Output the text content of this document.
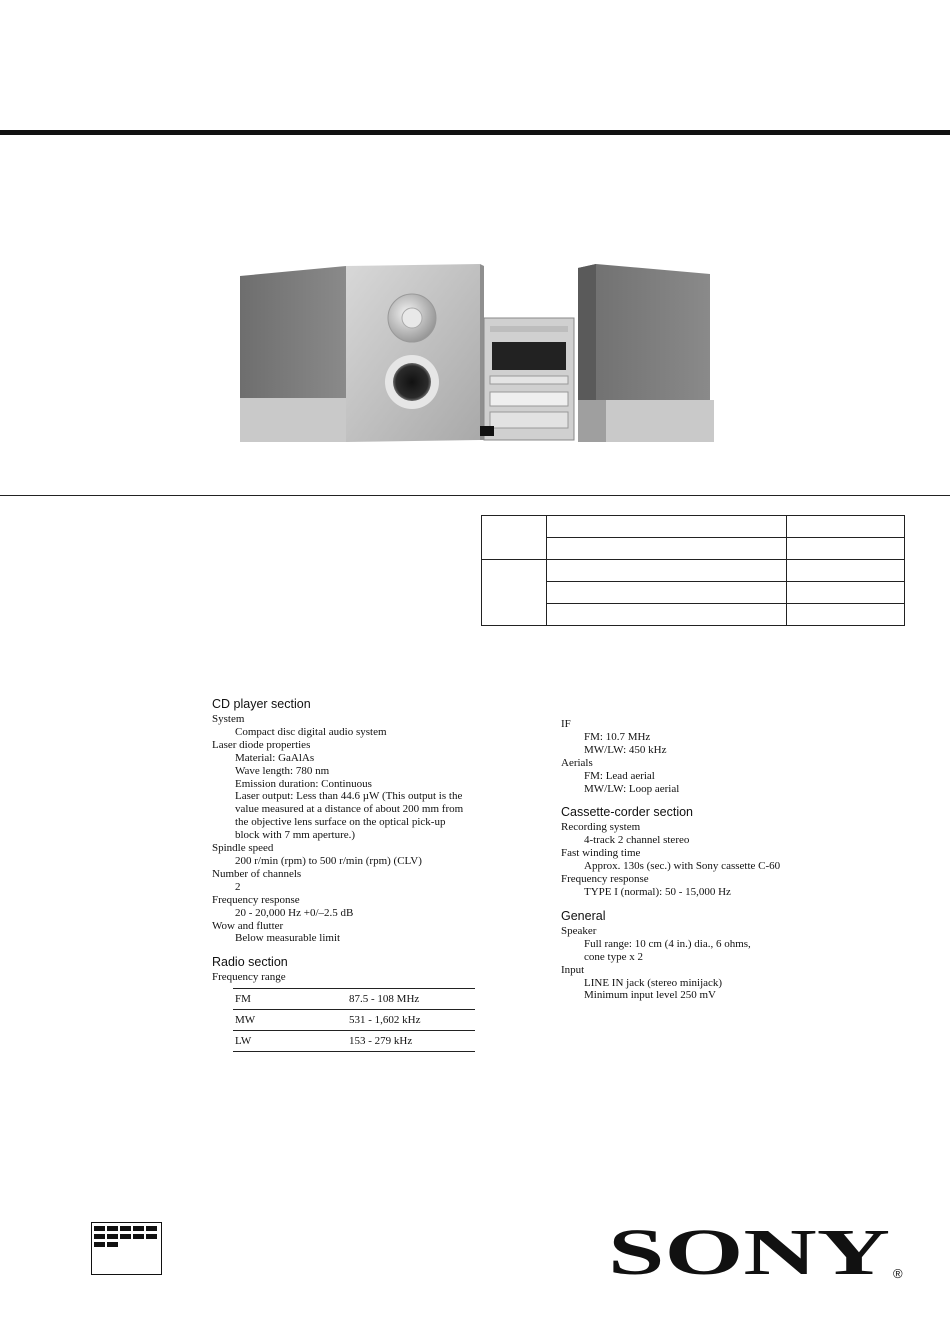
CD player section
System
Compact disc digital audio system
Laser diode properties
Material: GaAlAs
Wave length: 780 nm
Emission duration: Continuous
Laser output: Less than 44.6 µW (This output is the
value measured at a distance of about 200 mm from
the objective lens surface on the optical pick-up
block with 7 mm aperture.)
Spindle speed
200 r/min (rpm) to 500 r/min (rpm) (CLV)
Number of channels
2
Frequency response
20 - 20,000 Hz +0/–2.5 dB
Wow and flutter
Below measurable limit
Radio section
Frequency range
FM	87.5 - 108 MHz
MW	531 - 1,602 kHz
LW	153 - 279 kHz
IF
FM: 10.7 MHz
MW/LW: 450 kHz
Aerials
FM: Lead aerial
MW/LW: Loop aerial
Cassette-corder section
Recording system
4-track 2 channel stereo
Fast winding time
Approx. 130s (sec.) with Sony cassette C-60
Frequency response
TYPE I (normal): 50 - 15,000 Hz
General
Speaker
Full range: 10 cm (4 in.) dia., 6 ohms,
cone type x 2
Input
LINE IN jack (stereo minijack)
Minimum input level 250 mV
SONY ®
